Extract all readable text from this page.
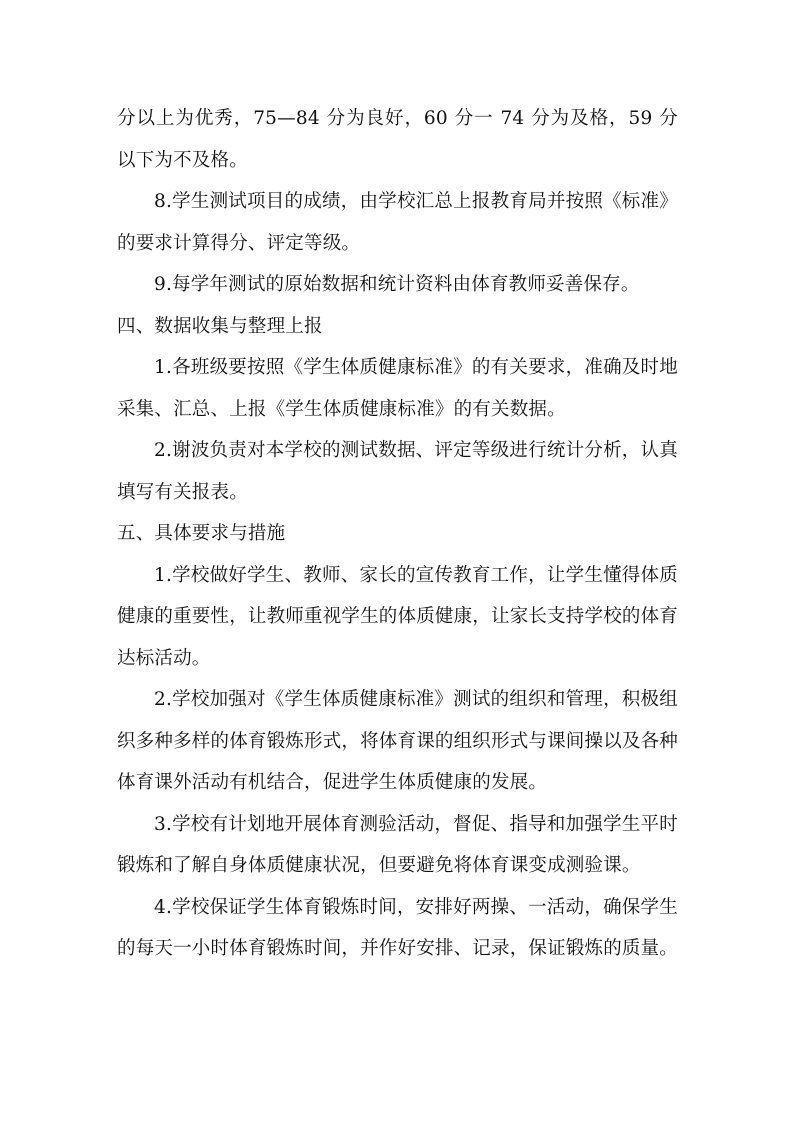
分以上为优秀，75—84 分为良好，60 分一 74 分为及格，59 分以下为不及格。

8.学生测试项目的成绩，由学校汇总上报教育局并按照《标准》的要求计算得分、评定等级。

9.每学年测试的原始数据和统计资料由体育教师妥善保存。

四、数据收集与整理上报

1.各班级要按照《学生体质健康标准》的有关要求，准确及时地采集、汇总、上报《学生体质健康标准》的有关数据。

2.谢波负责对本学校的测试数据、评定等级进行统计分析，认真填写有关报表。

五、具体要求与措施

1.学校做好学生、教师、家长的宣传教育工作，让学生懂得体质健康的重要性，让教师重视学生的体质健康，让家长支持学校的体育达标活动。

2.学校加强对《学生体质健康标准》测试的组织和管理，积极组织多种多样的体育锻炼形式，将体育课的组织形式与课间操以及各种体育课外活动有机结合，促进学生体质健康的发展。

3.学校有计划地开展体育测验活动，督促、指导和加强学生平时锻炼和了解自身体质健康状况，但要避免将体育课变成测验课。

4.学校保证学生体育锻炼时间，安排好两操、一活动，确保学生的每天一小时体育锻炼时间，并作好安排、记录，保证锻炼的质量。
